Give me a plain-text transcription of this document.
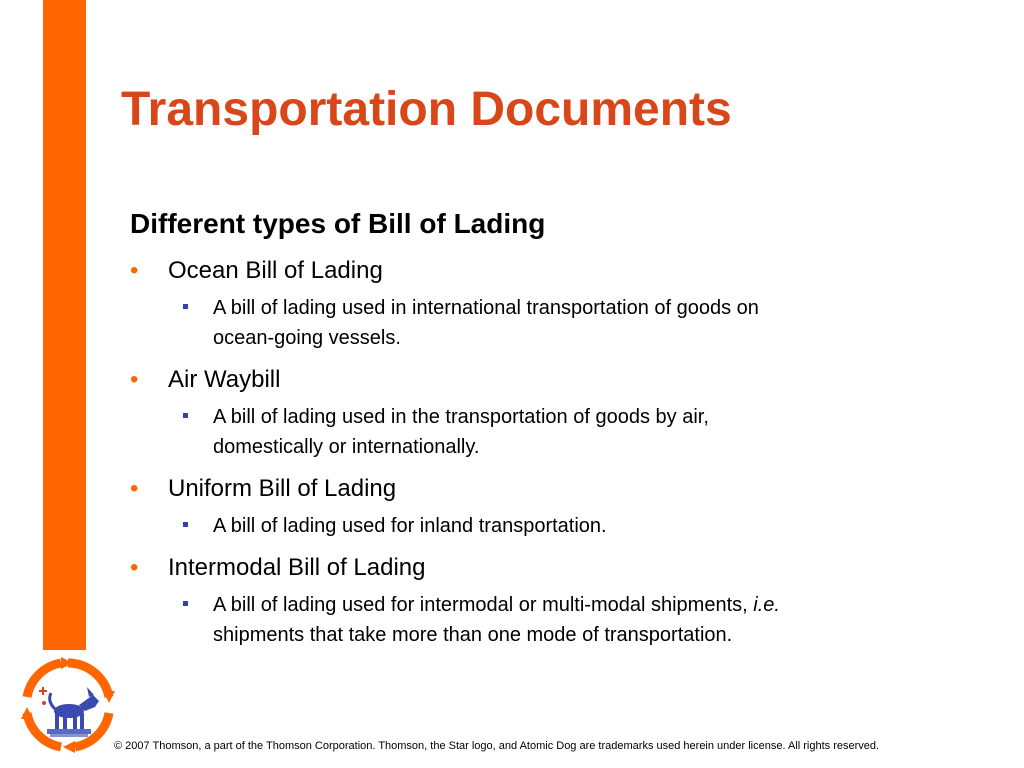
Transportation Documents
Different types of Bill of Lading
• Ocean Bill of Lading
A bill of lading used in international transportation of goods on
ocean-going vessels.
• Air Waybill
A bill of lading used in the transportation of goods by air,
domestically or internationally.
• Uniform Bill of Lading
A bill of lading used for inland transportation.
• Intermodal Bill of Lading
A bill of lading used for intermodal or multi-modal shipments, i.e.
shipments that take more than one mode of transportation.
© 2007 Thomson, a part of the Thomson Corporation. Thomson, the Star logo, and Atomic Dog are trademarks used herein under license. All rights reserved.
